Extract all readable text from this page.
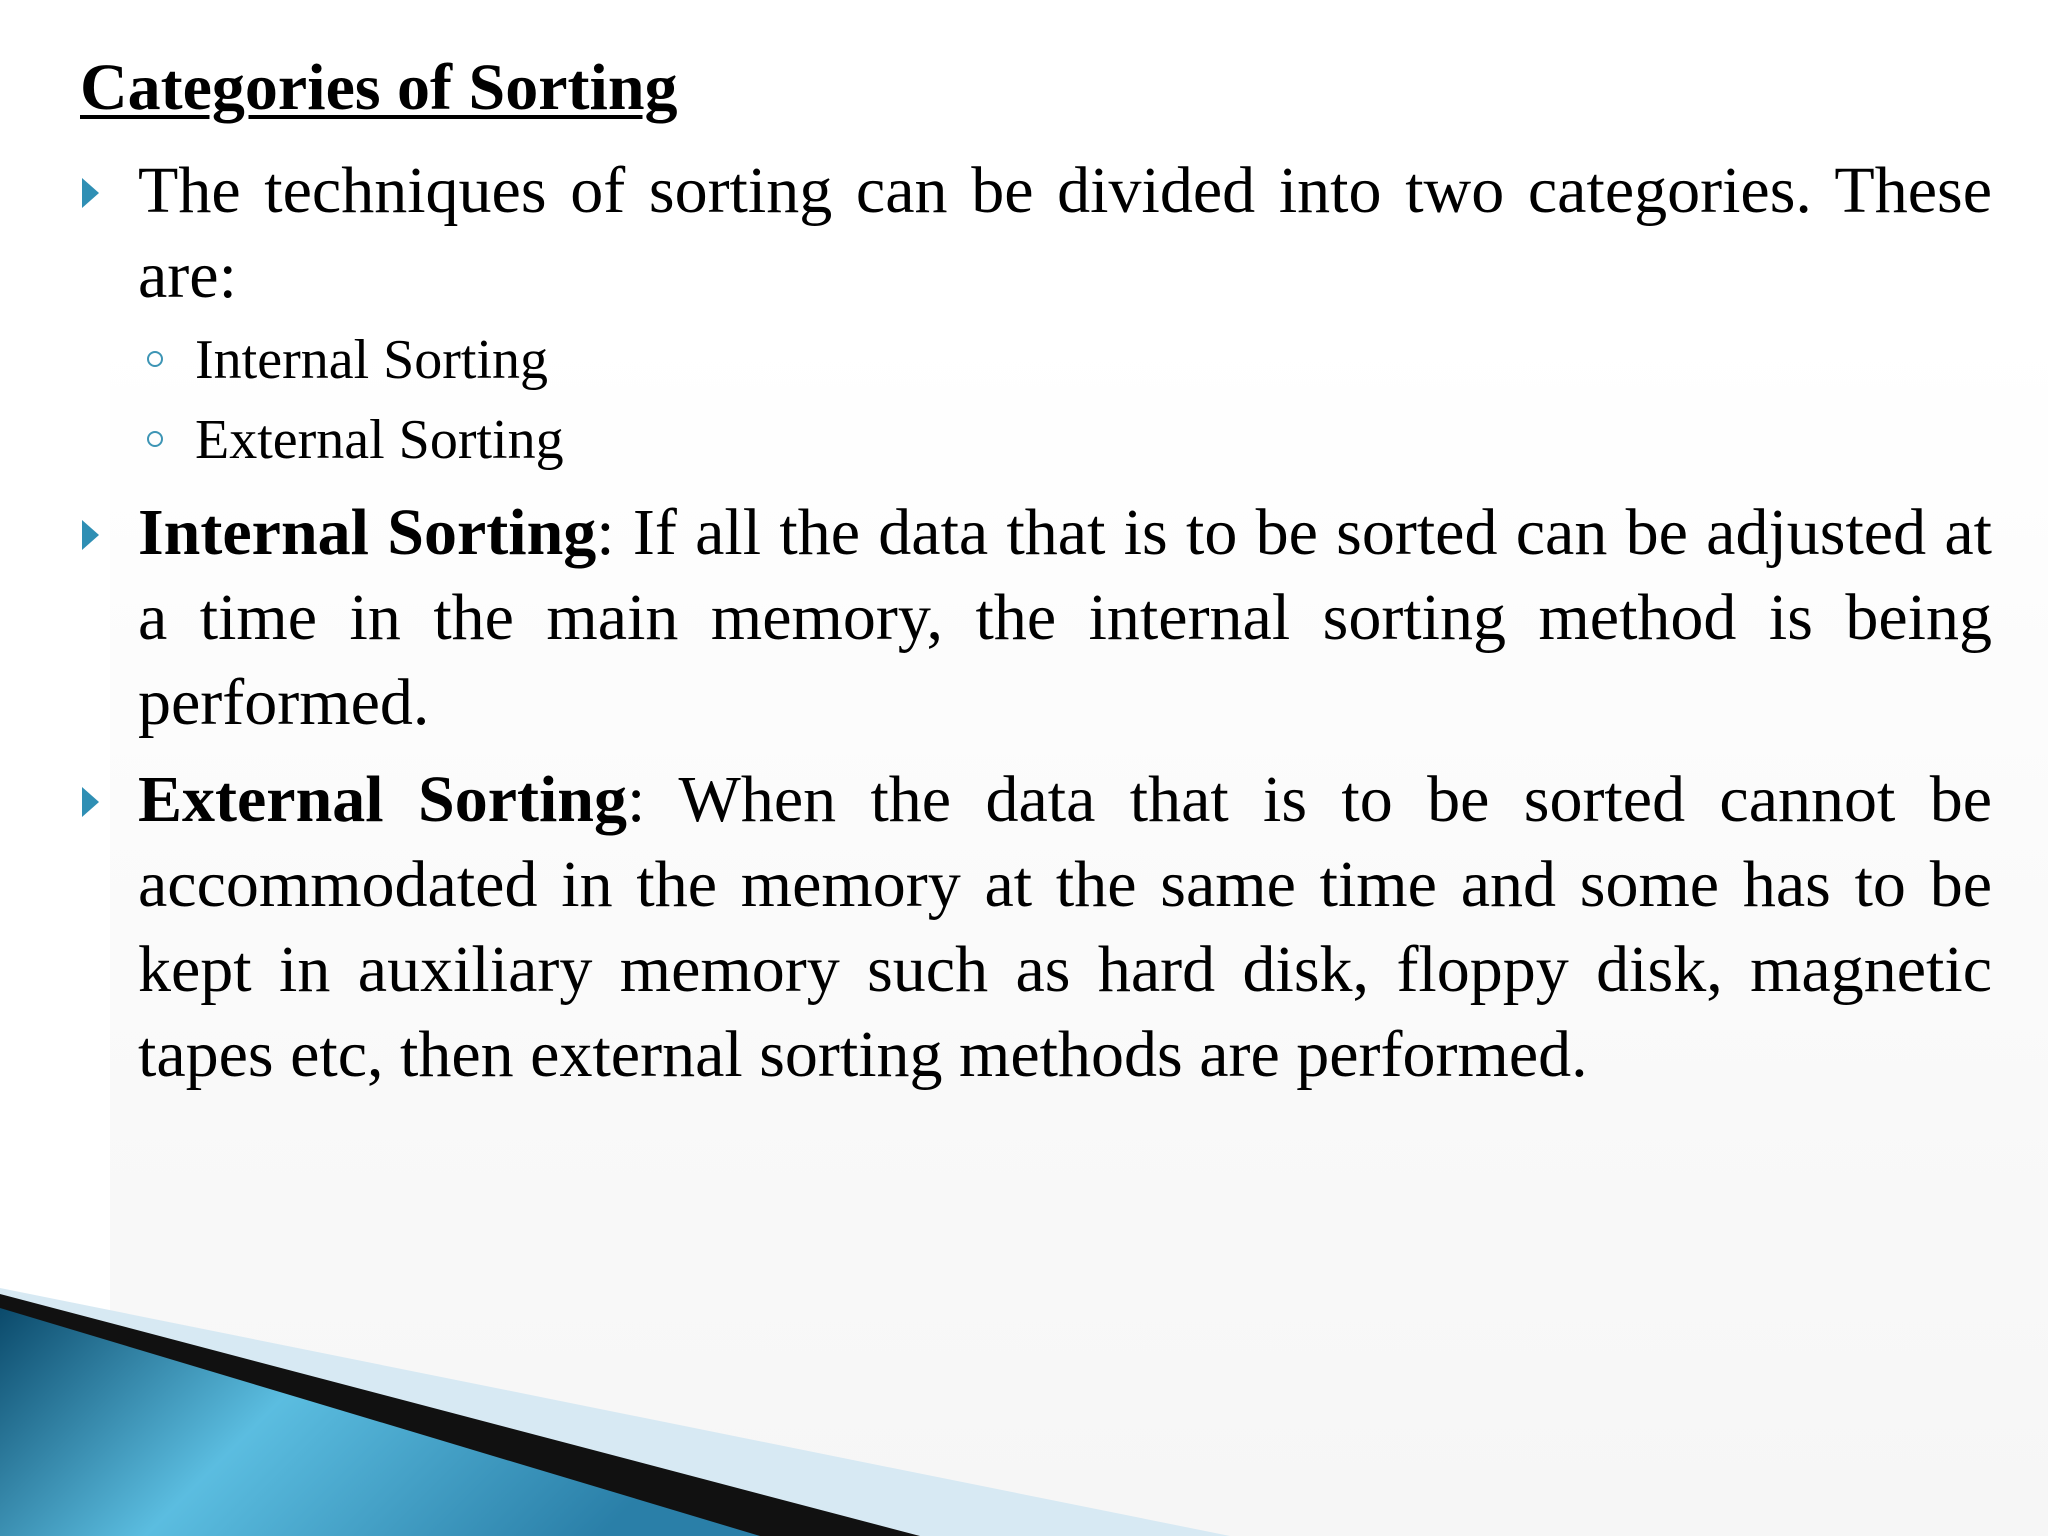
Categories of Sorting

The techniques of sorting can be divided into two categories. These are:

Internal Sorting
External Sorting

Internal Sorting: If all the data that is to be sorted can be adjusted at a time in the main memory, the internal sorting method is being performed.

External Sorting: When the data that is to be sorted cannot be accommodated in the memory at the same time and some has to be kept in auxiliary memory such as hard disk, floppy disk, magnetic tapes etc, then external sorting methods are performed.
